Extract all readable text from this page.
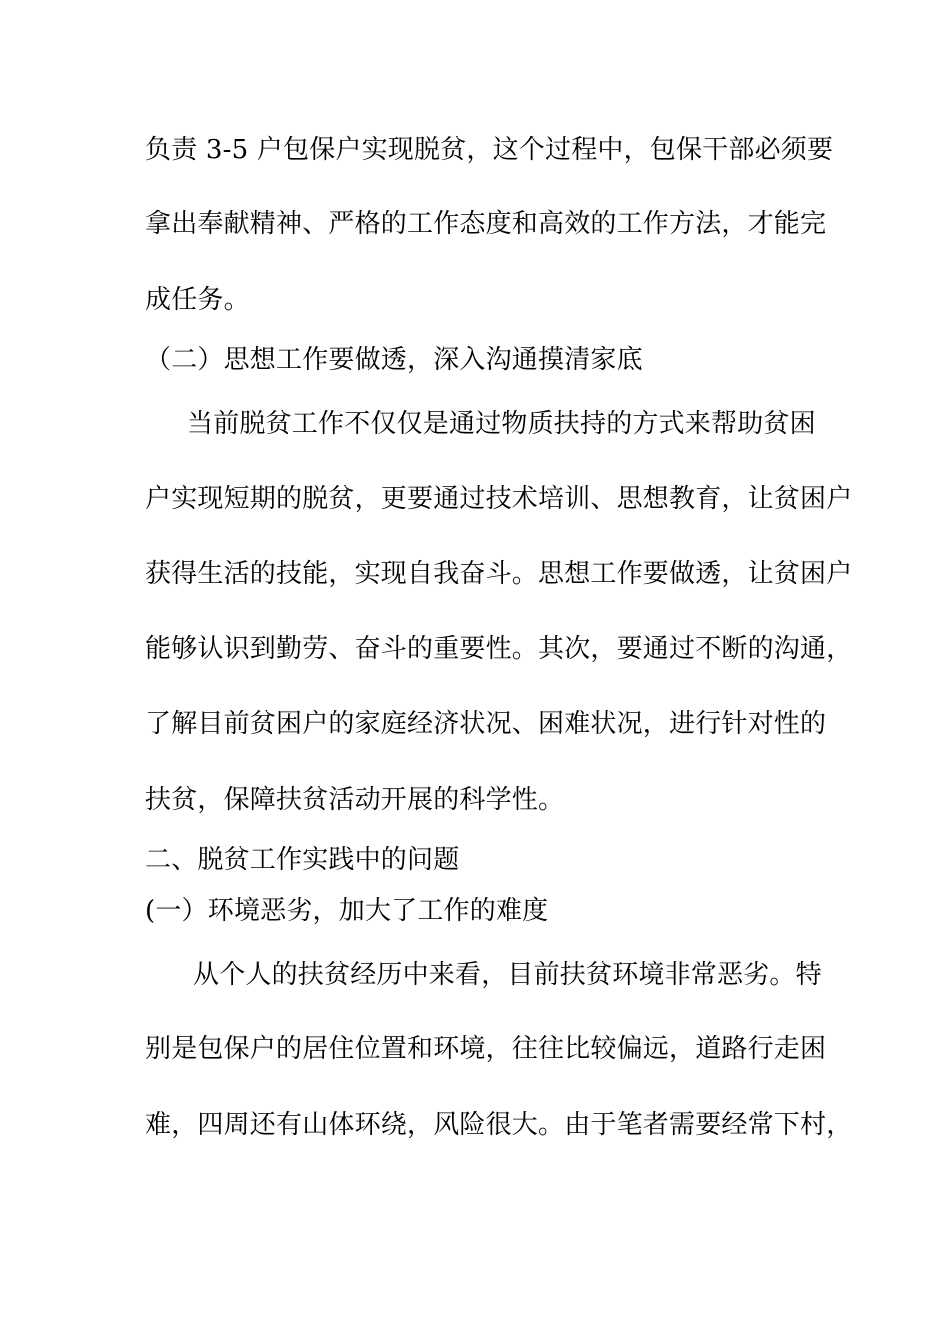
负责 3-5 户包保户实现脱贫，这个过程中，包保干部必须要
拿出奉献精神、严格的工作态度和高效的工作方法，才能完
成任务。
（二）思想工作要做透，深入沟通摸清家底
当前脱贫工作不仅仅是通过物质扶持的方式来帮助贫困
户实现短期的脱贫，更要通过技术培训、思想教育，让贫困户
获得生活的技能，实现自我奋斗。思想工作要做透，让贫困户
能够认识到勤劳、奋斗的重要性。其次，要通过不断的沟通，
了解目前贫困户的家庭经济状况、困难状况，进行针对性的
扶贫，保障扶贫活动开展的科学性。
二、脱贫工作实践中的问题
(一）环境恶劣，加大了工作的难度
从个人的扶贫经历中来看，目前扶贫环境非常恶劣。特
别是包保户的居住位置和环境，往往比较偏远，道路行走困
难，四周还有山体环绕，风险很大。由于笔者需要经常下村，
